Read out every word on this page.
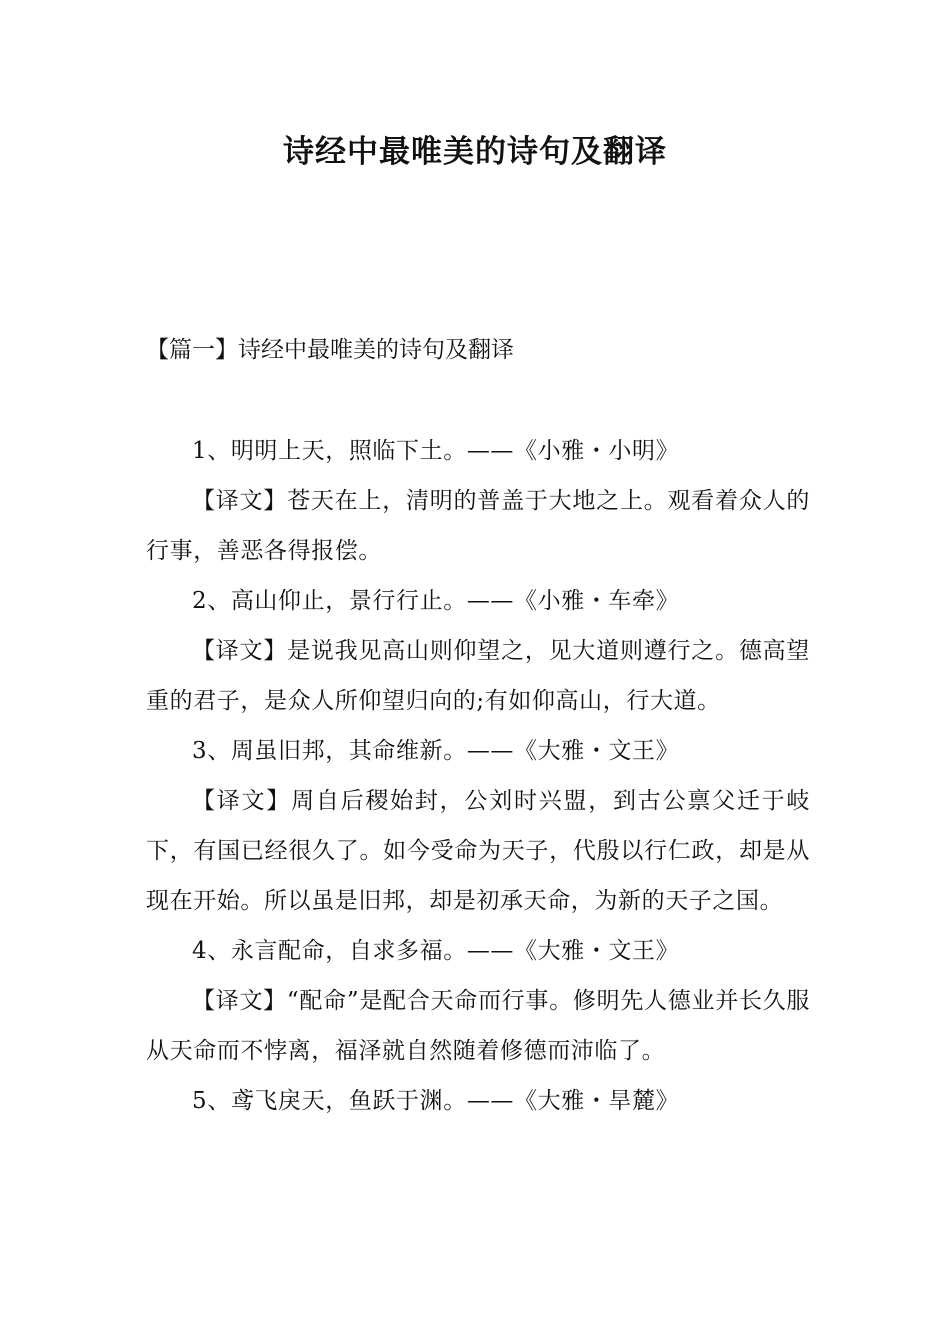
诗经中最唯美的诗句及翻译

【篇一】诗经中最唯美的诗句及翻译

1、明明上天，照临下土。——《小雅・小明》

【译文】苍天在上，清明的普盖于大地之上。观看着众人的行事，善恶各得报偿。

2、高山仰止，景行行止。——《小雅・车牵》

【译文】是说我见高山则仰望之，见大道则遵行之。德高望重的君子，是众人所仰望归向的;有如仰高山，行大道。

3、周虽旧邦，其命维新。——《大雅・文王》

【译文】周自后稷始封，公刘时兴盟，到古公禀父迁于岐下，有国已经很久了。如今受命为天子，代殷以行仁政，却是从现在开始。所以虽是旧邦，却是初承天命，为新的天子之国。

4、永言配命，自求多福。——《大雅・文王》

【译文】“配命”是配合天命而行事。修明先人德业并长久服从天命而不悖离，福泽就自然随着修德而沛临了。

5、鸢飞戾天，鱼跃于渊。——《大雅・旱麓》
